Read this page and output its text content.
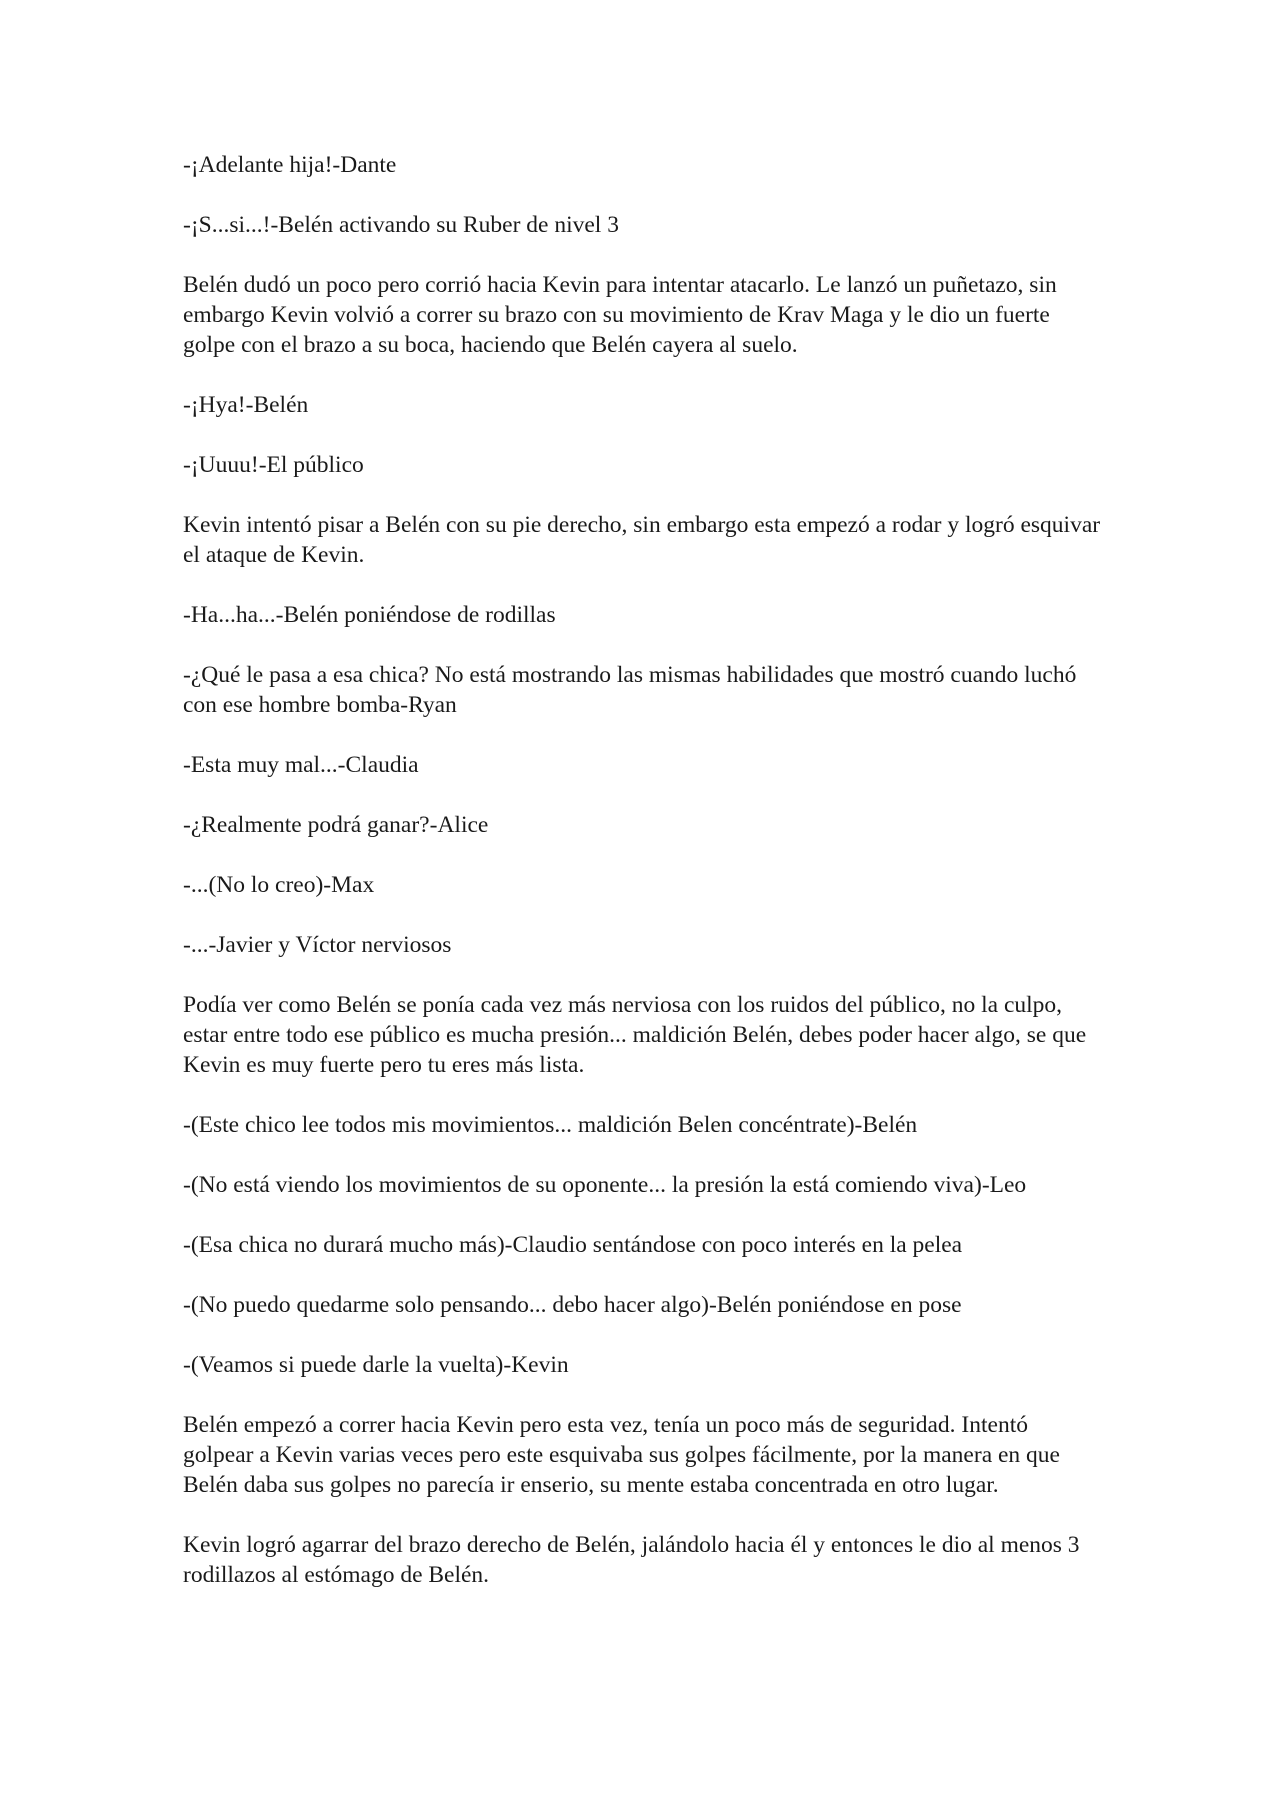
-¡Adelante hija!-Dante

-¡S...si...!-Belén activando su Ruber de nivel 3

Belén dudó un poco pero corrió hacia Kevin para intentar atacarlo. Le lanzó un puñetazo, sin embargo Kevin volvió a correr su brazo con su movimiento de Krav Maga y le dio un fuerte golpe con el brazo a su boca, haciendo que Belén cayera al suelo.

-¡Hya!-Belén

-¡Uuuu!-El público

Kevin intentó pisar a Belén con su pie derecho, sin embargo esta empezó a rodar y logró esquivar el ataque de Kevin.

-Ha...ha...-Belén poniéndose de rodillas

-¿Qué le pasa a esa chica? No está mostrando las mismas habilidades que mostró cuando luchó con ese hombre bomba-Ryan

-Esta muy mal...-Claudia

-¿Realmente podrá ganar?-Alice

-...(No lo creo)-Max

-...-Javier y Víctor nerviosos

Podía ver como Belén se ponía cada vez más nerviosa con los ruidos del público, no la culpo, estar entre todo ese público es mucha presión... maldición Belén, debes poder hacer algo, se que Kevin es muy fuerte pero tu eres más lista.

-(Este chico lee todos mis movimientos... maldición Belen concéntrate)-Belén

-(No está viendo los movimientos de su oponente... la presión la está comiendo viva)-Leo

-(Esa chica no durará mucho más)-Claudio sentándose con poco interés en la pelea

-(No puedo quedarme solo pensando... debo hacer algo)-Belén poniéndose en pose

-(Veamos si puede darle la vuelta)-Kevin

Belén empezó a correr hacia Kevin pero esta vez, tenía un poco más de seguridad. Intentó golpear a Kevin varias veces pero este esquivaba sus golpes fácilmente, por la manera en que Belén daba sus golpes no parecía ir enserio, su mente estaba concentrada en otro lugar.

Kevin logró agarrar del brazo derecho de Belén, jalándolo hacia él y entonces le dio al menos 3 rodillazos al estómago de Belén.
